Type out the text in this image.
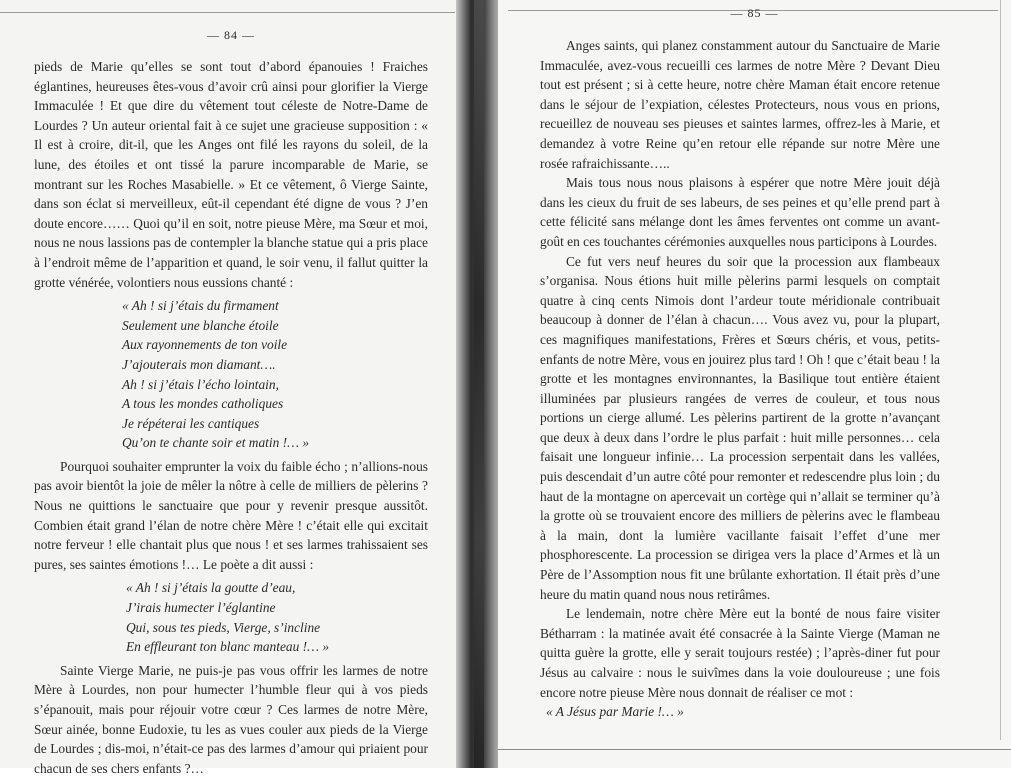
— 84 —

pieds de Marie qu’elles se sont tout d’abord épanouies ! Fraiches églantines, heureuses êtes-vous d’avoir crû ainsi pour glorifier la Vierge Immaculée ! Et que dire du vêtement tout céleste de Notre-Dame de Lourdes ? Un auteur oriental fait à ce sujet une gracieuse supposition : « Il est à croire, dit-il, que les Anges ont filé les rayons du soleil, de la lune, des étoiles et ont tissé la parure incomparable de Marie, se montrant sur les Roches Masabielle. » Et ce vêtement, ô Vierge Sainte, dans son éclat si merveilleux, eût-il cependant été digne de vous ? J’en doute encore…… Quoi qu’il en soit, notre pieuse Mère, ma Sœur et moi, nous ne nous lassions pas de contempler la blanche statue qui a pris place à l’endroit même de l’apparition et quand, le soir venu, il fallut quitter la grotte vénérée, volontiers nous eussions chanté :

« Ah ! si j’étais du firmament
Seulement une blanche étoile
Aux rayonnements de ton voile
J’ajouterais mon diamant….
Ah ! si j’étais l’écho lointain,
A tous les mondes catholiques
Je répéterai les cantiques
Qu’on te chante soir et matin !… »

Pourquoi souhaiter emprunter la voix du faible écho ; n’allions-nous pas avoir bientôt la joie de mêler la nôtre à celle de milliers de pèlerins ? Nous ne quittions le sanctuaire que pour y revenir presque aussitôt. Combien était grand l’élan de notre chère Mère ! c’était elle qui excitait notre ferveur ! elle chantait plus que nous ! et ses larmes trahissaient ses pures, ses saintes émotions !… Le poète a dit aussi :

« Ah ! si j’étais la goutte d’eau,
J’irais humecter l’églantine
Qui, sous tes pieds, Vierge, s’incline
En effleurant ton blanc manteau !… »

Sainte Vierge Marie, ne puis-je pas vous offrir les larmes de notre Mère à Lourdes, non pour humecter l’humble fleur qui à vos pieds s’épanouit, mais pour réjouir votre cœur ? Ces larmes de notre Mère, Sœur ainée, bonne Eudoxie, tu les as vues couler aux pieds de la Vierge de Lourdes ; dis-moi, n’était-ce pas des larmes d’amour qui priaient pour chacun de ses chers enfants ?…

— 85 —

Anges saints, qui planez constamment autour du Sanctuaire de Marie Immaculée, avez-vous recueilli ces larmes de notre Mère ? Devant Dieu tout est présent ; si à cette heure, notre chère Maman était encore retenue dans le séjour de l’expiation, célestes Protecteurs, nous vous en prions, recueillez de nouveau ses pieuses et saintes larmes, offrez-les à Marie, et demandez à votre Reine qu’en retour elle répande sur notre Mère une rosée rafraichissante…..

Mais tous nous nous plaisons à espérer que notre Mère jouit déjà dans les cieux du fruit de ses labeurs, de ses peines et qu’elle prend part à cette félicité sans mélange dont les âmes ferventes ont comme un avant-goût en ces touchantes cérémonies auxquelles nous participons à Lourdes.

Ce fut vers neuf heures du soir que la procession aux flambeaux s’organisa. Nous étions huit mille pèlerins parmi lesquels on comptait quatre à cinq cents Nimois dont l’ardeur toute méridionale contribuait beaucoup à donner de l’élan à chacun…. Vous avez vu, pour la plupart, ces magnifiques manifestations, Frères et Sœurs chéris, et vous, petits-enfants de notre Mère, vous en jouirez plus tard ! Oh ! que c’était beau ! la grotte et les montagnes environnantes, la Basilique tout entière étaient illuminées par plusieurs rangées de verres de couleur, et tous nous portions un cierge allumé. Les pèlerins partirent de la grotte n’avançant que deux à deux dans l’ordre le plus parfait : huit mille personnes… cela faisait une longueur infinie… La procession serpentait dans les vallées, puis descendait d’un autre côté pour remonter et redescendre plus loin ; du haut de la montagne on apercevait un cortège qui n’allait se terminer qu’à la grotte où se trouvaient encore des milliers de pèlerins avec le flambeau à la main, dont la lumière vacillante faisait l’effet d’une mer phosphorescente. La procession se dirigea vers la place d’Armes et là un Père de l’Assomption nous fit une brûlante exhortation. Il était près d’une heure du matin quand nous nous retirâmes.

Le lendemain, notre chère Mère eut la bonté de nous faire visiter Bétharram : la matinée avait été consacrée à la Sainte Vierge (Maman ne quitta guère la grotte, elle y serait toujours restée) ; l’après-diner fut pour Jésus au calvaire : nous le suivîmes dans la voie douloureuse ; une fois encore notre pieuse Mère nous donnait de réaliser ce mot :

« A Jésus par Marie !… »
